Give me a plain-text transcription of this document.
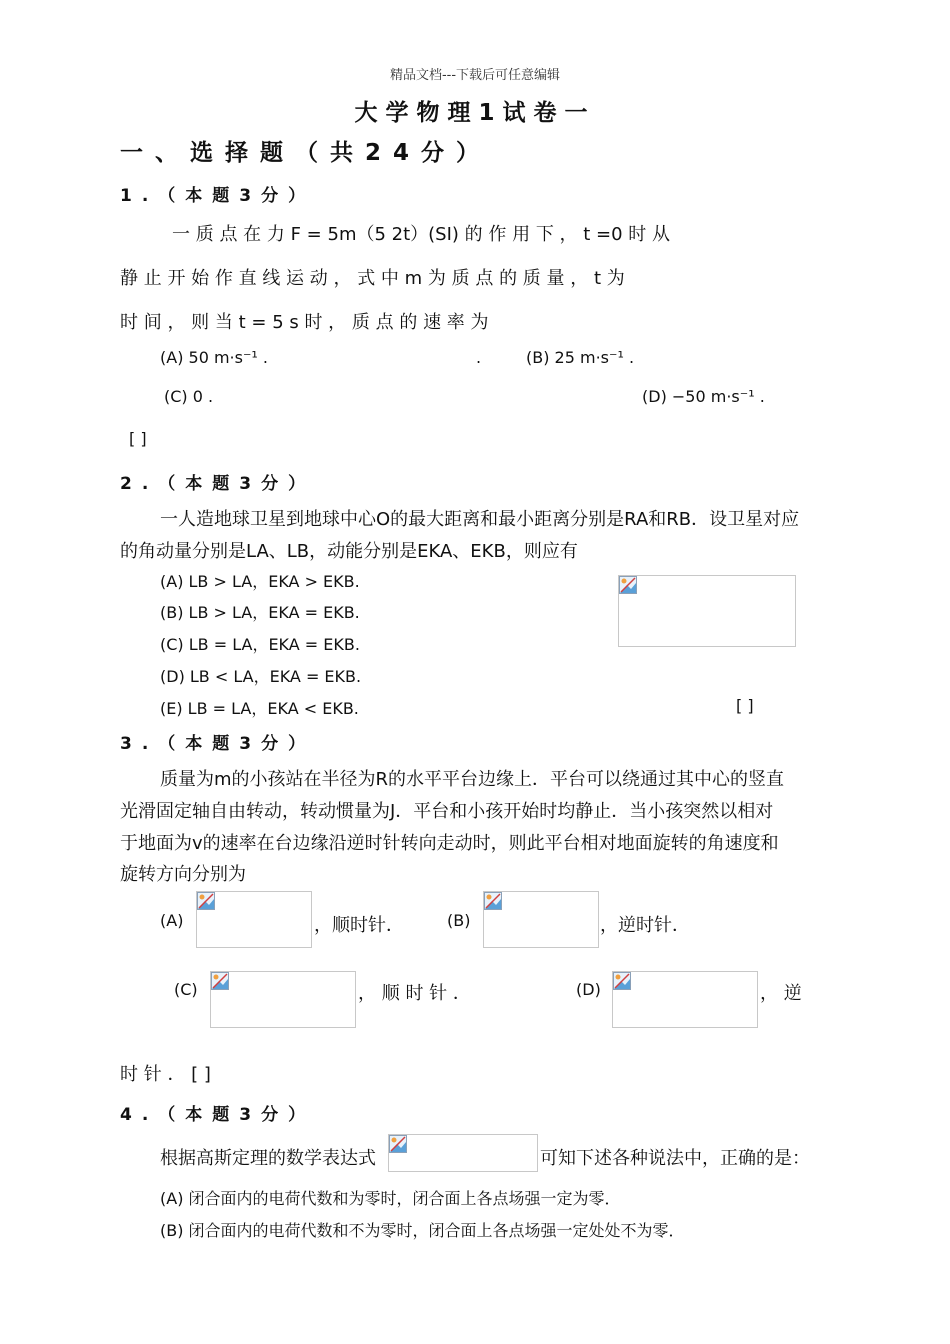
精品文档---下载后可任意编辑
大学物理1试卷一
一、选择题（共24分）
1.（本题3分）
一 质 点 在 力 F = 5m（5 2t）(SI) 的 作 用 下 ， t =0 时 从
静 止 开 始 作 直 线 运 动 ， 式 中 m 为 质 点 的 质 量 ， t 为
时 间 ， 则 当 t = 5 s 时 ， 质 点 的 速 率 为
(A) 50 m·s⁻¹ .	.	(B) 25 m·s⁻¹ .
(C) 0 .	(D) −50 m·s⁻¹ .
[ ]
2.（本题3分）
一人造地球卫星到地球中心O的最大距离和最小距离分别是RA和RB．设卫星对应
的角动量分别是LA、LB，动能分别是EKA、EKB，则应有
(A) LB > LA，EKA > EKB.
(B) LB > LA，EKA = EKB.
(C) LB = LA，EKA = EKB.
(D) LB < LA，EKA = EKB.
(E) LB = LA，EKA < EKB.	[ ]
3.（本题3分）
质量为m的小孩站在半径为R的水平平台边缘上．平台可以绕通过其中心的竖直
光滑固定轴自由转动，转动惯量为J．平台和小孩开始时均静止．当小孩突然以相对
于地面为v的速率在台边缘沿逆时针转向走动时，则此平台相对地面旋转的角速度和
旋转方向分别为
(A)	，顺时针．	(B)	，逆时针．
(C)	， 顺 时 针 ．	(D)	， 逆
时 针 ． [ ]
4.（本题3分）
根据高斯定理的数学表达式	可知下述各种说法中，正确的是：
(A) 闭合面内的电荷代数和为零时，闭合面上各点场强一定为零．
(B) 闭合面内的电荷代数和不为零时，闭合面上各点场强一定处处不为零．
